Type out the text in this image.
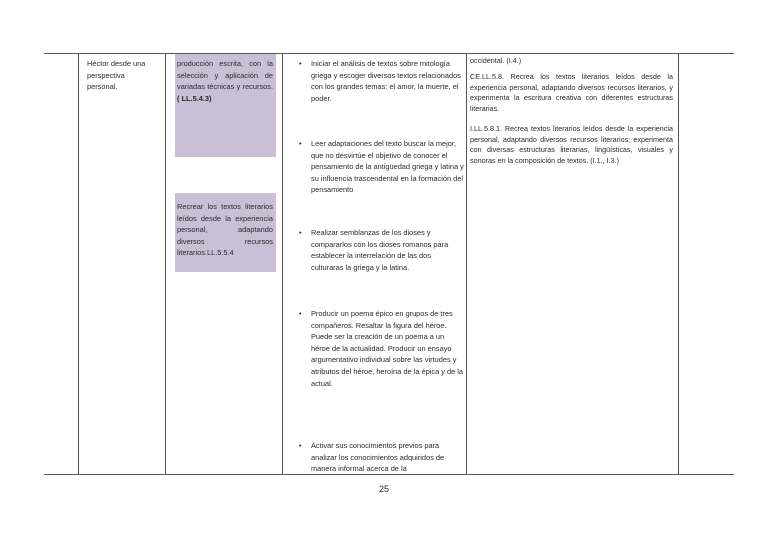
Héctor desde una perspectiva personal.
producción escrita, con la selección y aplicación de variadas técnicas y recursos. ( LL.5.4.3)
Recrear los textos literarios leídos desde la experiencia personal, adaptando diversos recursos literarios.LL.5.5.4
• Iniciar el análisis de textos sobre mitología griega y escoger diversos textos relacionados con los grandes temas: el amor, la muerte, el poder.
• Leer adaptaciones del texto buscar la mejor, que no desvirtúe el objetivo de conocer el pensamiento de la antigüedad griega y latina y su influencia trascendental en la formación del pensamiento
• Realizar semblanzas de los dioses y compararlos con los dioses romanos para establecer la interrelación de las dos culturaras la griega y la latina.
• Producir un poema épico en grupos de tres compañeros. Resaltar la figura del héroe. Puede ser la creación de un poema a un héroe de la actualidad. Producir un ensayo argumentativo individual sobre las virtudes y atributos del héroe, heroína de la épica y de la actual.
• Activar sus conocimientos previos para analizar los conocimientos adquiridos de manera informal acerca de la
occidental. (I.4.)
CE.LL.5.8. Recrea los textos literarios leídos desde la experiencia personal, adaptando diversos recursos literarios, y experimenta la escritura creativa con diferentes estructuras literarias.
I.LL.5.8.1. Recrea textos literarios leídos desde la experiencia personal, adaptando diversos recursos literarios; experimenta con diversas estructuras literarias, lingüísticas, visuales y sonoras en la composición de textos. (I.1., I.3.)
25
